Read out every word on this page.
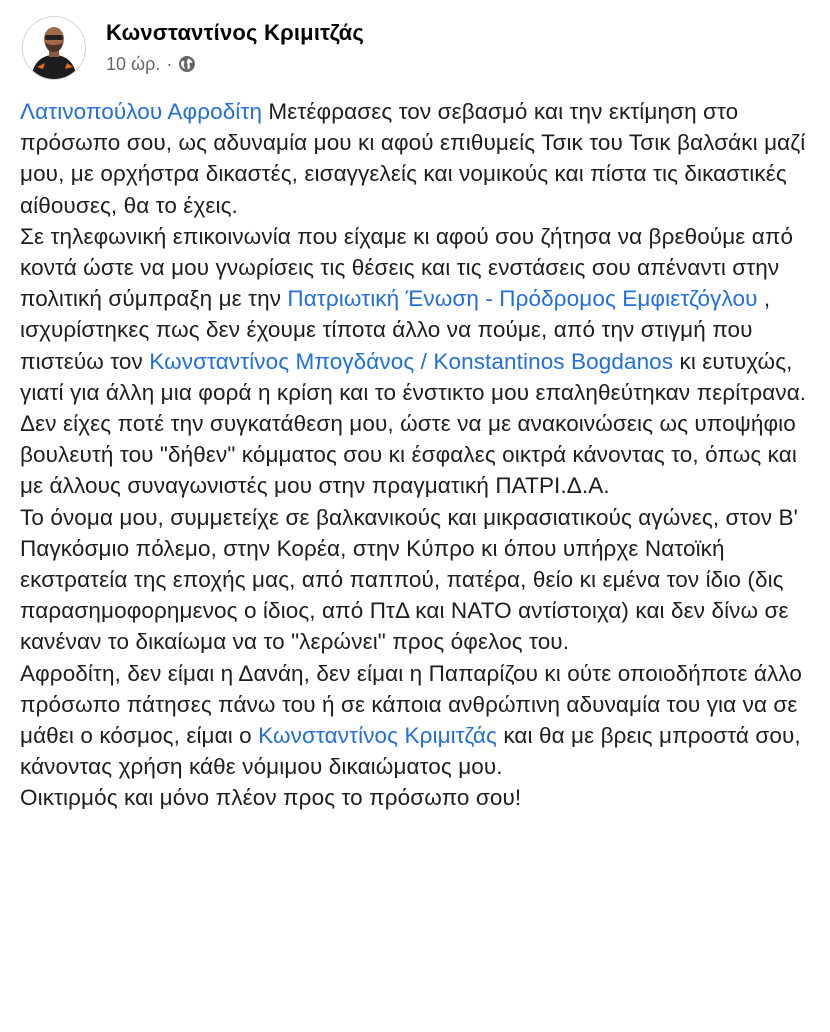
Κωνσταντίνος Κριμιτζάς
10 ώρ. ·

Λατινοπούλου Αφροδίτη Μετέφρασες τον σεβασμό και την εκτίμηση στο πρόσωπο σου, ως αδυναμία μου κι αφού επιθυμείς Τσικ του Τσικ βαλσάκι μαζί μου, με ορχήστρα δικαστές, εισαγγελείς και νομικούς και πίστα τις δικαστικές αίθουσες, θα το έχεις.

Σε τηλεφωνική επικοινωνία που είχαμε κι αφού σου ζήτησα να βρεθούμε από κοντά ώστε να μου γνωρίσεις τις θέσεις και τις ενστάσεις σου απέναντι στην πολιτική σύμπραξη με την Πατριωτική Ένωση - Πρόδρομος Εμφιετζόγλου , ισχυρίστηκες πως δεν έχουμε τίποτα άλλο να πούμε, από την στιγμή που πιστεύω τον Κωνσταντίνος Μπογδάνος / Konstantinos Bogdanos κι ευτυχώς, γιατί για άλλη μια φορά η κρίση και το ένστικτο μου επαληθεύτηκαν περίτρανα.

Δεν είχες ποτέ την συγκατάθεση μου, ώστε να με ανακοινώσεις ως υποψήφιο βουλευτή του "δήθεν" κόμματος σου κι έσφαλες οικτρά κάνοντας το, όπως και με άλλους συναγωνιστές μου στην πραγματική ΠΑΤΡΙ.Δ.Α.

Το όνομα μου, συμμετείχε σε βαλκανικούς και μικρασιατικούς αγώνες, στον Β' Παγκόσμιο πόλεμο, στην Κορέα, στην Κύπρο κι όπου υπήρχε Νατοϊκή εκστρατεία της εποχής μας, από παππού, πατέρα, θείο κι εμένα τον ίδιο (δις παρασημοφορημενος ο ίδιος, από ΠτΔ και ΝΑΤΟ αντίστοιχα) και δεν δίνω σε κανέναν το δικαίωμα να το "λερώνει" προς όφελος του.

Αφροδίτη, δεν είμαι η Δανάη, δεν είμαι η Παπαρίζου κι ούτε οποιοδήποτε άλλο πρόσωπο πάτησες πάνω του ή σε κάποια ανθρώπινη αδυναμία του για να σε μάθει ο κόσμος, είμαι ο Κωνσταντίνος Κριμιτζάς και θα με βρεις μπροστά σου, κάνοντας χρήση κάθε νόμιμου δικαιώματος μου.

Οικτιρμός και μόνο πλέον προς το πρόσωπο σου!
